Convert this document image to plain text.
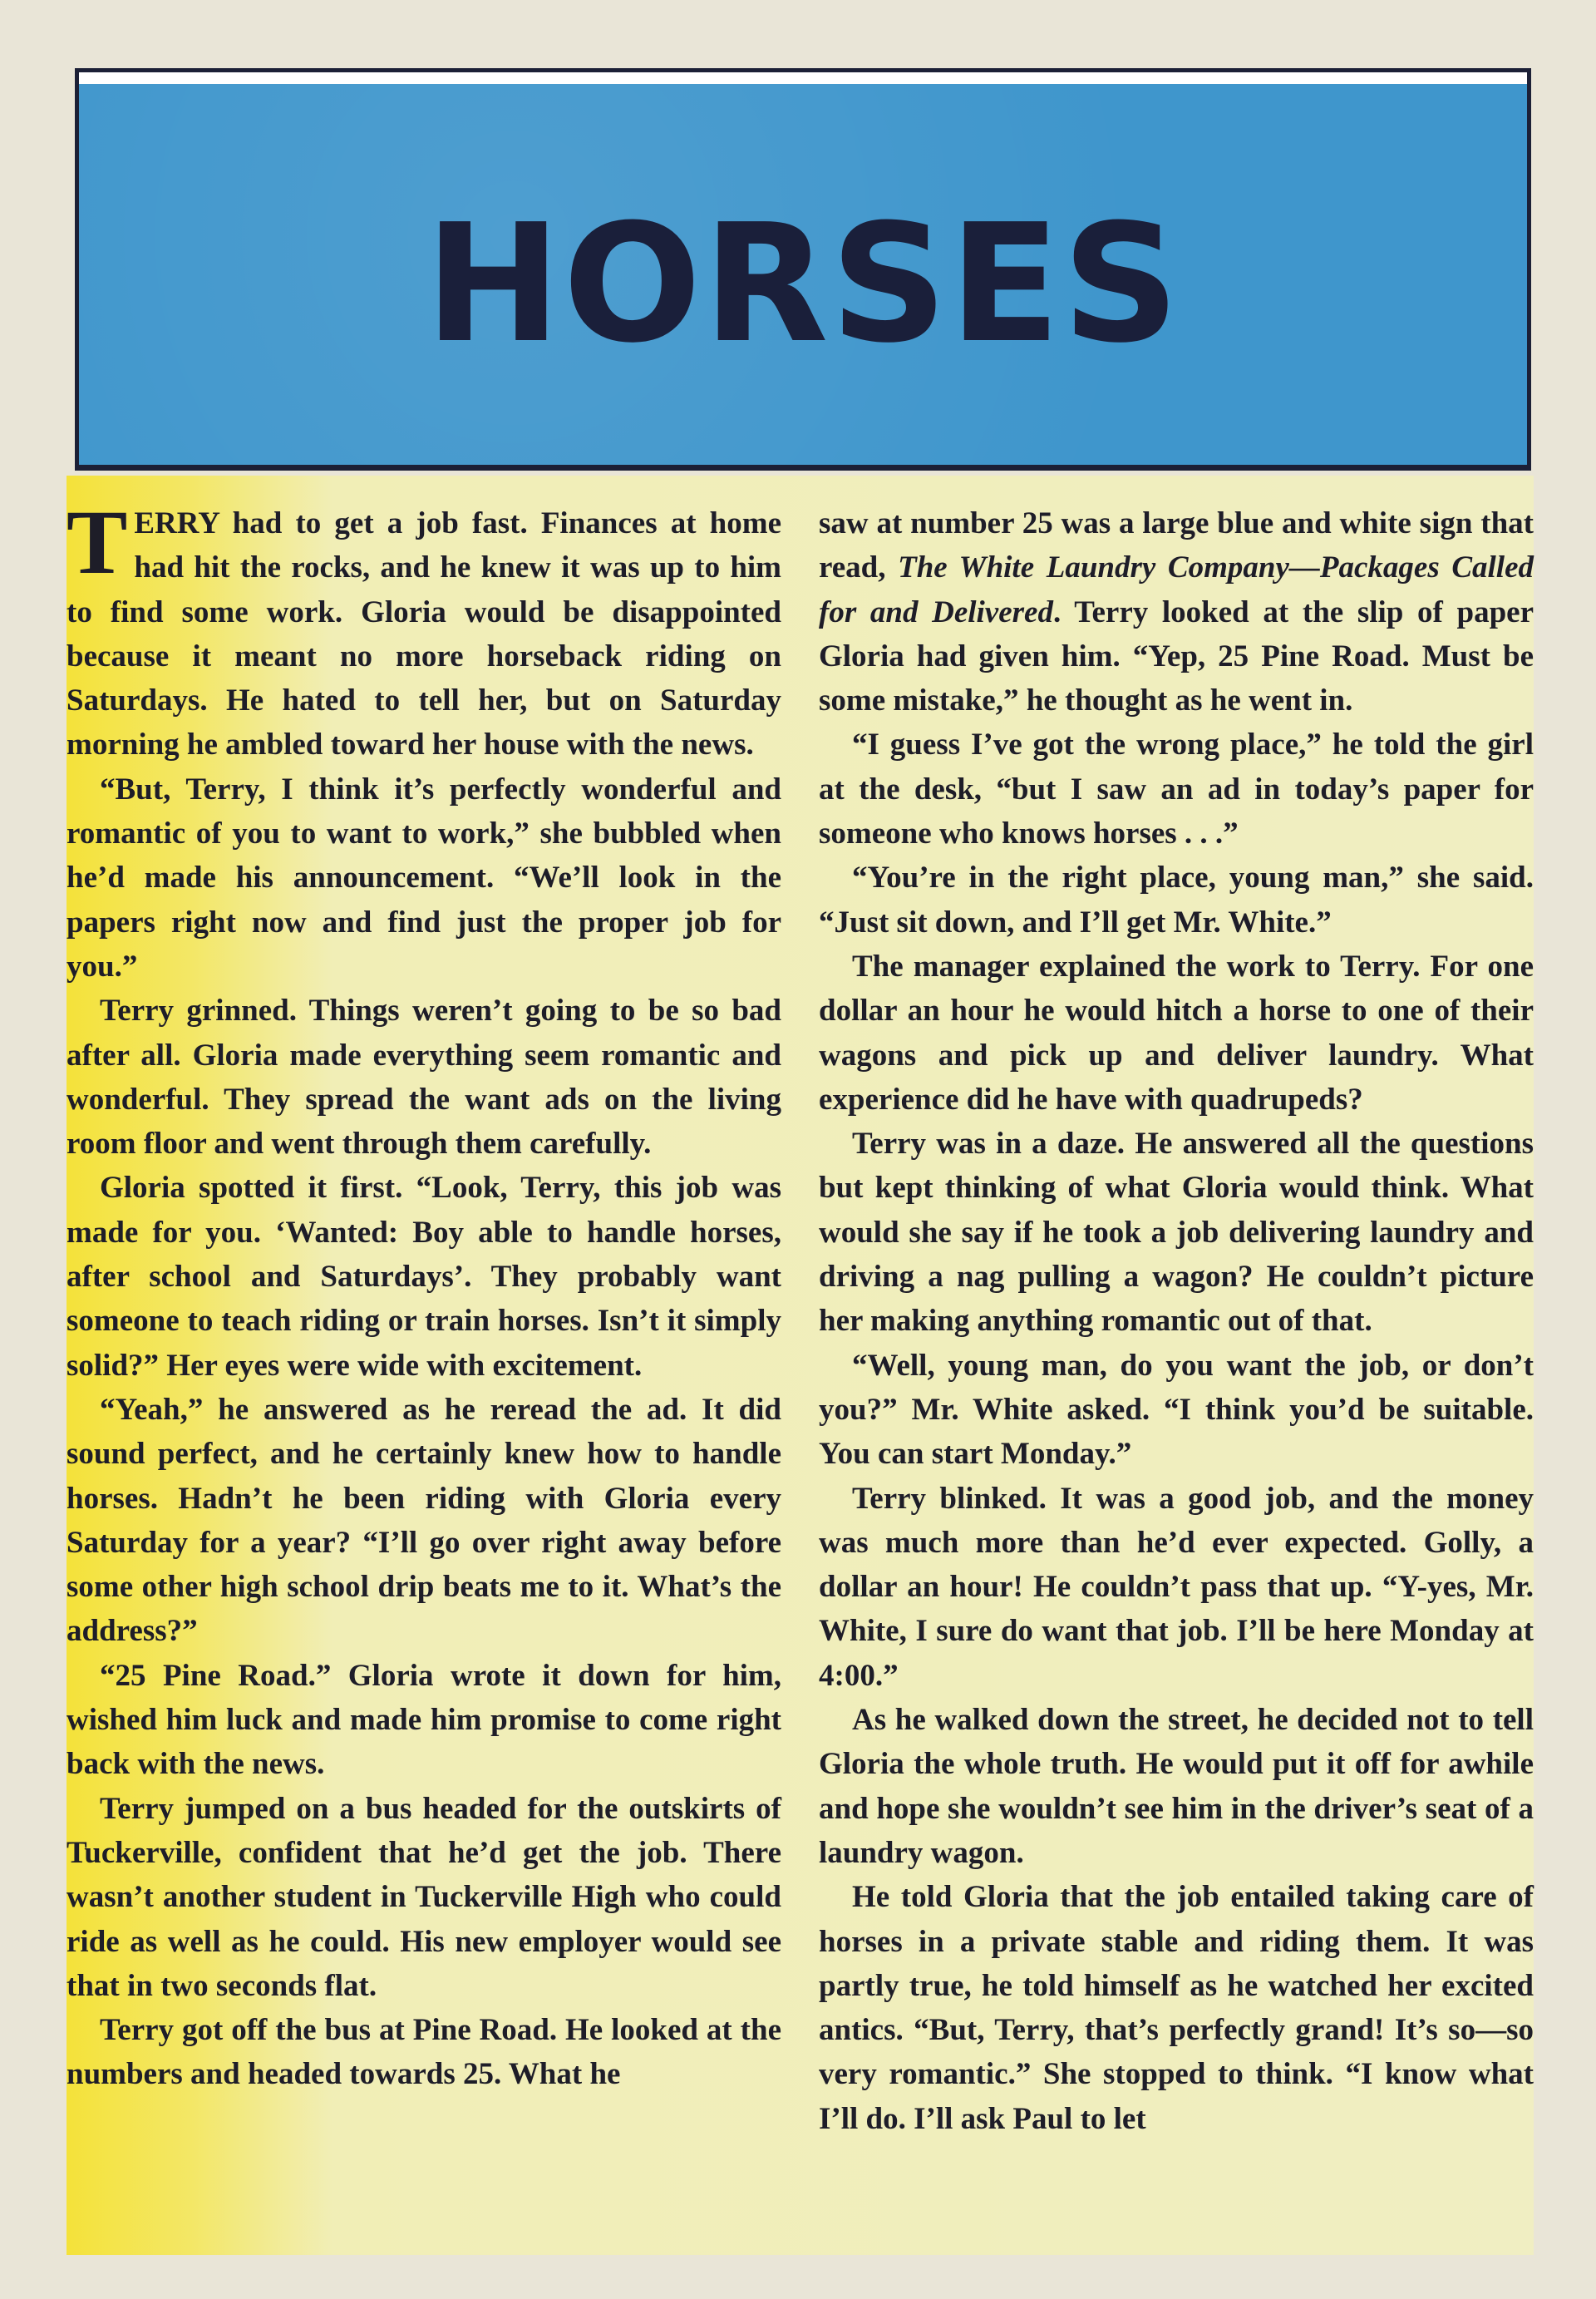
HORSES

TERRY had to get a job fast. Finances at home had hit the rocks, and he knew it was up to him to find some work. Gloria would be disappointed because it meant no more horseback riding on Saturdays. He hated to tell her, but on Saturday morning he ambled toward her house with the news.

“But, Terry, I think it’s perfectly wonderful and romantic of you to want to work,” she bubbled when he’d made his announcement. “We’ll look in the papers right now and find just the proper job for you.”

Terry grinned. Things weren’t going to be so bad after all. Gloria made everything seem romantic and wonderful. They spread the want ads on the living room floor and went through them carefully.

Gloria spotted it first. “Look, Terry, this job was made for you. ‘Wanted: Boy able to handle horses, after school and Saturdays’. They probably want someone to teach riding or train horses. Isn’t it simply solid?” Her eyes were wide with excitement.

“Yeah,” he answered as he reread the ad. It did sound perfect, and he certainly knew how to handle horses. Hadn’t he been riding with Gloria every Saturday for a year? “I’ll go over right away before some other high school drip beats me to it. What’s the address?”

“25 Pine Road.” Gloria wrote it down for him, wished him luck and made him promise to come right back with the news.

Terry jumped on a bus headed for the outskirts of Tuckerville, confident that he’d get the job. There wasn’t another student in Tuckerville High who could ride as well as he could. His new employer would see that in two seconds flat.

Terry got off the bus at Pine Road. He looked at the numbers and headed towards 25. What he

saw at number 25 was a large blue and white sign that read, The White Laundry Company—Packages Called for and Delivered. Terry looked at the slip of paper Gloria had given him. “Yep, 25 Pine Road. Must be some mistake,” he thought as he went in.

“I guess I’ve got the wrong place,” he told the girl at the desk, “but I saw an ad in today’s paper for someone who knows horses . . .”

“You’re in the right place, young man,” she said. “Just sit down, and I’ll get Mr. White.”

The manager explained the work to Terry. For one dollar an hour he would hitch a horse to one of their wagons and pick up and deliver laundry. What experience did he have with quadrupeds?

Terry was in a daze. He answered all the questions but kept thinking of what Gloria would think. What would she say if he took a job delivering laundry and driving a nag pulling a wagon? He couldn’t picture her making anything romantic out of that.

“Well, young man, do you want the job, or don’t you?” Mr. White asked. “I think you’d be suitable. You can start Monday.”

Terry blinked. It was a good job, and the money was much more than he’d ever expected. Golly, a dollar an hour! He couldn’t pass that up. “Y-yes, Mr. White, I sure do want that job. I’ll be here Monday at 4:00.”

As he walked down the street, he decided not to tell Gloria the whole truth. He would put it off for awhile and hope she wouldn’t see him in the driver’s seat of a laundry wagon.

He told Gloria that the job entailed taking care of horses in a private stable and riding them. It was partly true, he told himself as he watched her excited antics. “But, Terry, that’s perfectly grand! It’s so—so very romantic.” She stopped to think. “I know what I’ll do. I’ll ask Paul to let
